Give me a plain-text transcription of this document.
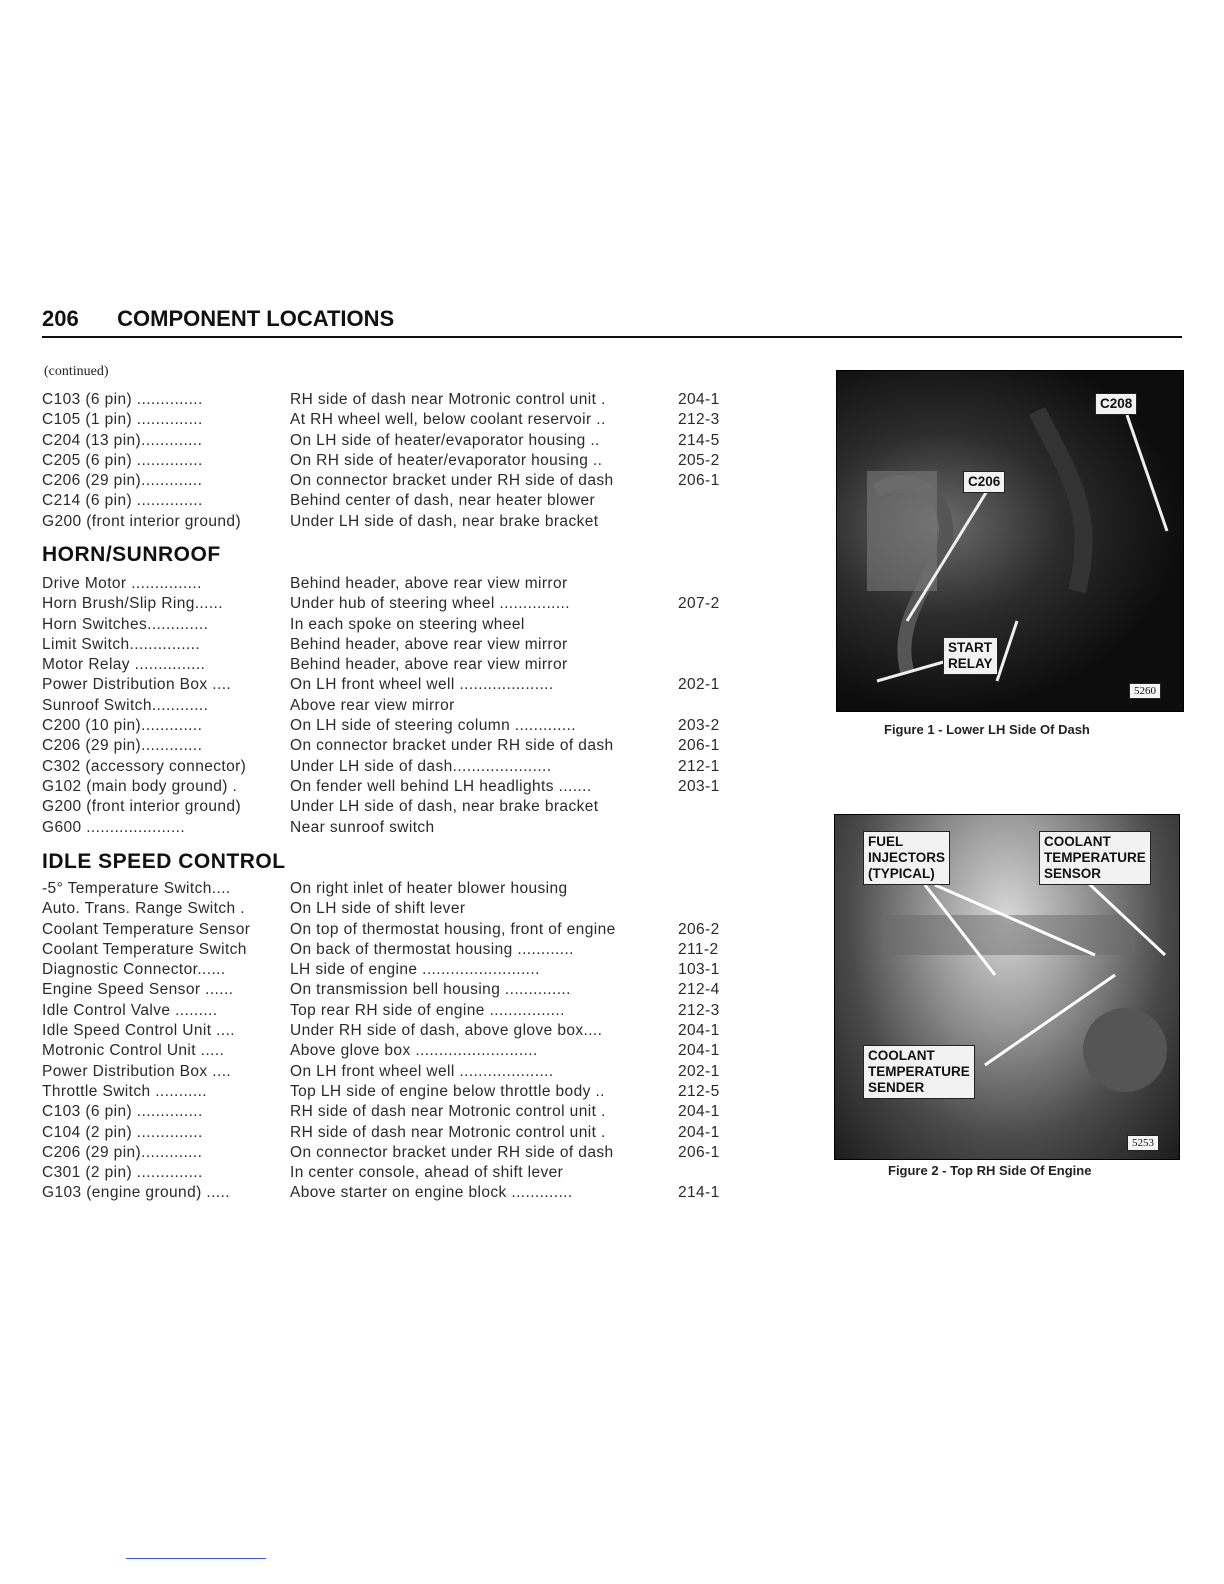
206 COMPONENT LOCATIONS
(continued)
C103 (6 pin) ..............	RH side of dash near Motronic control unit .	204-1
C105 (1 pin) ..............	At RH wheel well, below coolant reservoir ..	212-3
C204 (13 pin).............	On LH side of heater/evaporator housing ..	214-5
C205 (6 pin) ..............	On RH side of heater/evaporator housing ..	205-2
C206 (29 pin).............	On connector bracket under RH side of dash	206-1
C214 (6 pin) ..............	Behind center of dash, near heater blower
G200 (front interior ground)	Under LH side of dash, near brake bracket
HORN/SUNROOF
Drive Motor ...............	Behind header, above rear view mirror
Horn Brush/Slip Ring......	Under hub of steering wheel ...............	207-2
Horn Switches.............	In each spoke on steering wheel
Limit Switch...............	Behind header, above rear view mirror
Motor Relay ...............	Behind header, above rear view mirror
Power Distribution Box ....	On LH front wheel well ....................	202-1
Sunroof Switch............	Above rear view mirror
C200 (10 pin).............	On LH side of steering column .............	203-2
C206 (29 pin).............	On connector bracket under RH side of dash	206-1
C302 (accessory connector)	Under LH side of dash.....................	212-1
G102 (main body ground) .	On fender well behind LH headlights .......	203-1
G200 (front interior ground)	Under LH side of dash, near brake bracket
G600 .....................	Near sunroof switch
IDLE SPEED CONTROL
-5° Temperature Switch....	On right inlet of heater blower housing
Auto. Trans. Range Switch .	On LH side of shift lever
Coolant Temperature Sensor	On top of thermostat housing, front of engine	206-2
Coolant Temperature Switch	On back of thermostat housing ............	211-2
Diagnostic Connector......	LH side of engine .........................	103-1
Engine Speed Sensor ......	On transmission bell housing ..............	212-4
Idle Control Valve .........	Top rear RH side of engine ................	212-3
Idle Speed Control Unit ....	Under RH side of dash, above glove box....	204-1
Motronic Control Unit .....	Above glove box ..........................	204-1
Power Distribution Box ....	On LH front wheel well ....................	202-1
Throttle Switch ...........	Top LH side of engine below throttle body ..	212-5
C103 (6 pin) ..............	RH side of dash near Motronic control unit .	204-1
C104 (2 pin) ..............	RH side of dash near Motronic control unit .	204-1
C206 (29 pin).............	On connector bracket under RH side of dash	206-1
C301 (2 pin) ..............	In center console, ahead of shift lever
G103 (engine ground) .....	Above starter on engine block .............	214-1
C208
C206
START
RELAY
5260
Figure 1 - Lower LH Side Of Dash
FUEL
INJECTORS
(TYPICAL)
COOLANT
TEMPERATURE
SENSOR
COOLANT
TEMPERATURE
SENDER
5253
Figure 2 - Top RH Side Of Engine
